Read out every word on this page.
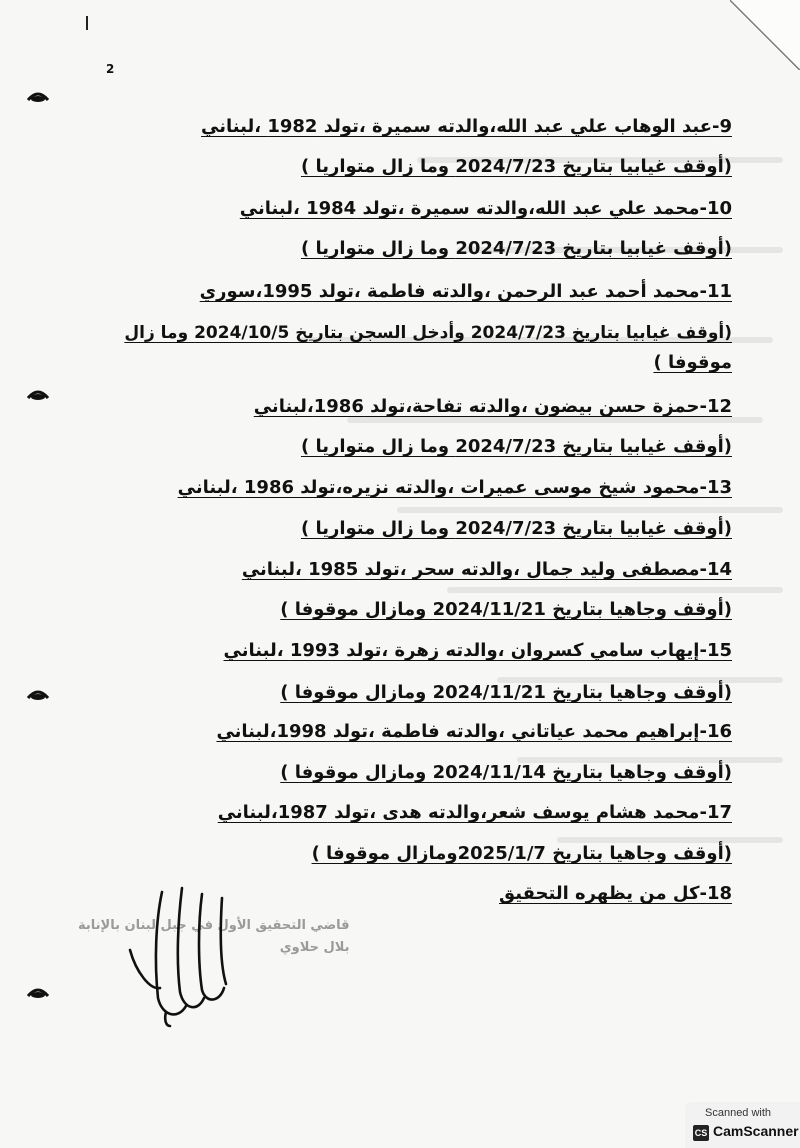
2
9-عبد الوهاب علي عبد الله،والدته سميرة ،تولد 1982 ،لبناني
(أوقف غيابيا بتاريخ 2024/7/23 وما زال متواريا )
10-محمد علي عبد الله،والدته سميرة ،تولد 1984 ،لبناني
(أوقف غيابيا بتاريخ 2024/7/23 وما زال متواريا )
11-محمد أحمد عبد الرحمن ،والدته فاطمة ،تولد 1995،سوري
(أوقف غيابيا بتاريخ 2024/7/23 وأدخل السجن بتاريخ 2024/10/5 وما زال
موقوفا )
12-حمزة حسن بيضون ،والدته تفاحة،تولد 1986،لبناني
(أوقف غيابيا بتاريخ 2024/7/23 وما زال متواريا )
13-محمود شيخ موسى عميرات ،والدته نزيره،تولد 1986 ،لبناني
(أوقف غيابيا بتاريخ 2024/7/23 وما زال متواريا )
14-مصطفى وليد جمال ،والدته سحر ،تولد 1985 ،لبناني
(أوقف وجاهيا بتاريخ 2024/11/21 ومازال موقوفا )
15-إيهاب سامي كسروان ،والدته زهرة ،تولد 1993 ،لبناني
(أوقف وجاهيا بتاريخ 2024/11/21 ومازال موقوفا )
16-إبراهيم محمد عياتاني ،والدته فاطمة ،تولد 1998،لبناني
(أوقف وجاهيا بتاريخ 2024/11/14 ومازال موقوفا )
17-محمد هشام يوسف شعر،والدته هدى ،تولد 1987،لبناني
(أوقف وجاهيا بتاريخ 2025/1/7ومازال موقوفا )
18-كل من يظهره التحقيق
قاضي التحقيق الأول في جبل لبنان بالإنابة
بلال حلاوي
Scanned with
CS CamScanner
